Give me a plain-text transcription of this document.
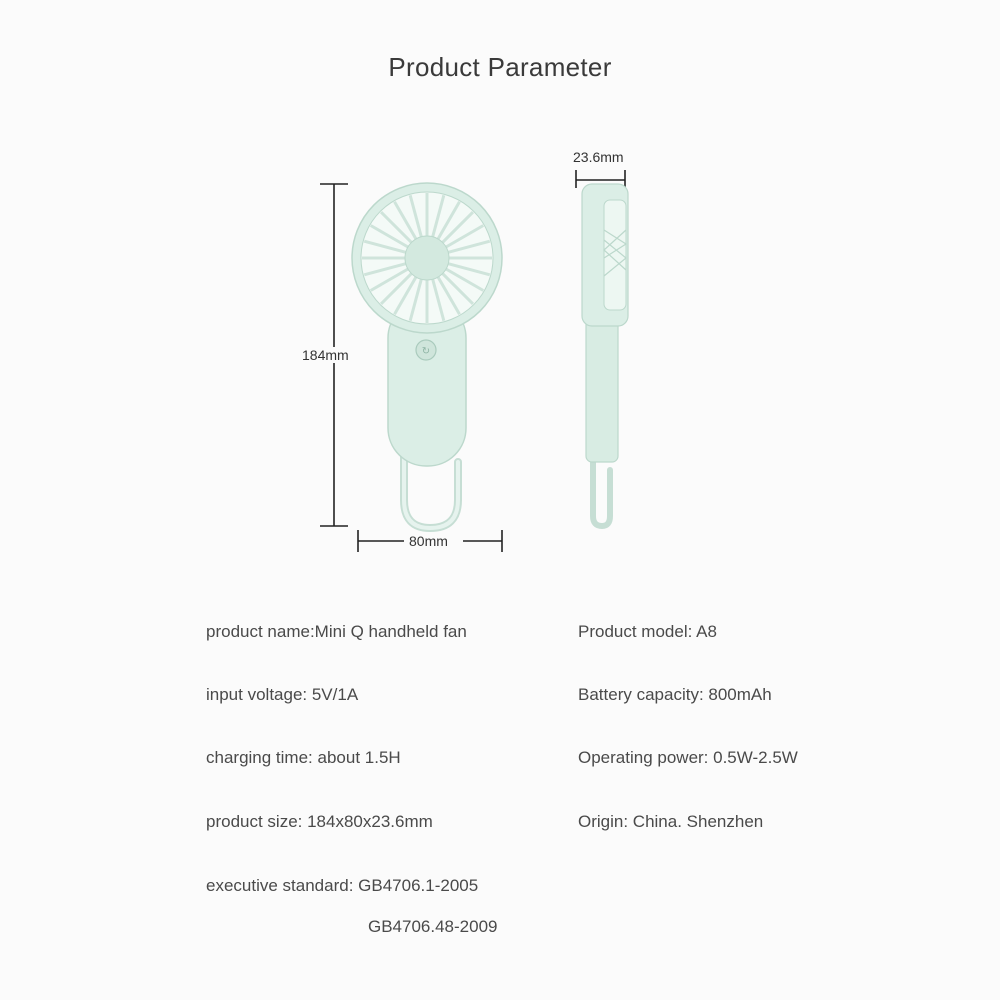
Product Parameter
↻
184mm
80mm
23.6mm
product name:Mini Q handheld fan	Product model: A8
input voltage: 5V/1A	Battery capacity: 800mAh
charging time: about 1.5H	Operating power: 0.5W-2.5W
product size: 184x80x23.6mm	Origin: China. Shenzhen
executive standard: GB4706.1-2005
GB4706.48-2009
